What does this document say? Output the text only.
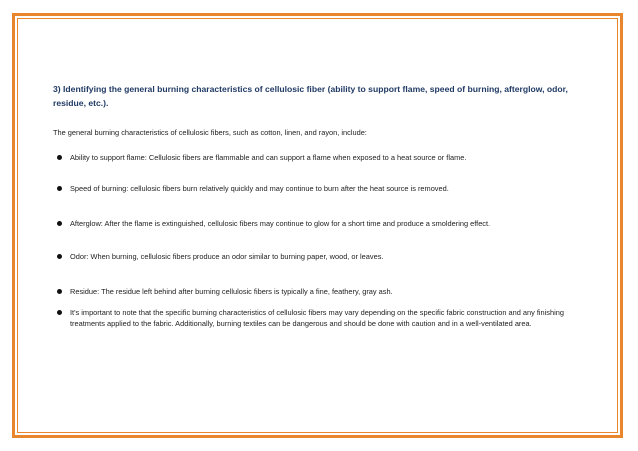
3) Identifying the general burning characteristics of cellulosic fiber (ability to support flame, speed of burning, afterglow, odor, residue, etc.).

The general burning characteristics of cellulosic fibers, such as cotton, linen, and rayon, include:

Ability to support flame: Cellulosic fibers are flammable and can support a flame when exposed to a heat source or flame.

Speed of burning: cellulosic fibers burn relatively quickly and may continue to burn after the heat source is removed.

Afterglow: After the flame is extinguished, cellulosic fibers may continue to glow for a short time and produce a smoldering effect.

Odor: When burning, cellulosic fibers produce an odor similar to burning paper, wood, or leaves.

Residue: The residue left behind after burning cellulosic fibers is typically a fine, feathery, gray ash.

It's important to note that the specific burning characteristics of cellulosic fibers may vary depending on the specific fabric construction and any finishing treatments applied to the fabric. Additionally, burning textiles can be dangerous and should be done with caution and in a well-ventilated area.
